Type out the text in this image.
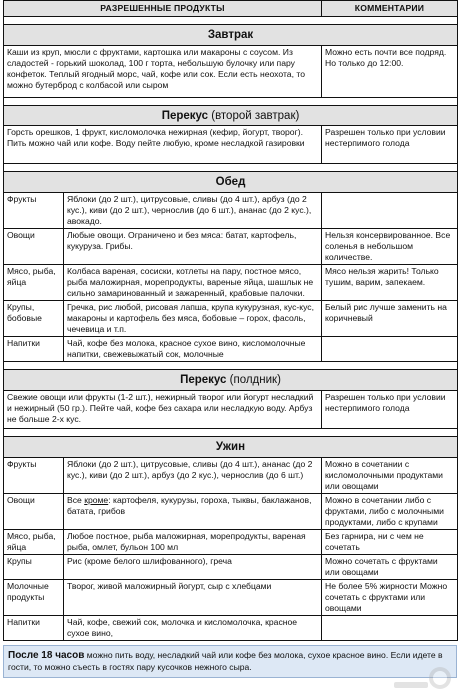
РАЗРЕШЕННЫЕ ПРОДУКТЫ		КОММЕНТАРИИ

Завтрак		
Каши из круп, мюсли с фруктами, картошка или макароны с соусом. Из сладостей - горький шоколад, 100 г торта, небольшую булочку или пару конфеток. Теплый ягодный морс, чай, кофе или сок. Если есть неохота, то можно бутерброд с колбасой или сыром		Можно есть почти все подряд. Но только до 12:00.

Перекус (второй завтрак)		
Горсть орешков, 1 фрукт, кисломолочка нежирная (кефир, йогурт, творог). Пить можно чай или кофе. Воду пейте любую, кроме несладкой газировки		Разрешен только при условии нестерпимого голода

Обед		
Фрукты	Яблоки (до 2 шт.), цитрусовые, сливы (до 4 шт.), арбуз (до 2 кус.), киви (до 2 шт.), чернослив (до 6 шт.), ананас (до 2 кус.), авокадо.	
Овощи	Любые овощи. Ограничено и без мяса: батат, картофель, кукуруза. Грибы.	Нельзя консервированное. Все соленья в небольшом количестве.
Мясо, рыба, яйца	Колбаса вареная, сосиски, котлеты на пару, постное мясо, рыба маложирная, морепродукты, вареные яйца, шашлык не сильно замаринованный и зажаренный, крабовые палочки.	Мясо нельзя жарить! Только тушим, варим, запекаем.
Крупы, бобовые	Гречка, рис любой, рисовая лапша, крупа кукурузная, кус-кус, макароны и картофель без мяса, бобовые – горох, фасоль, чечевица и т.п.	Белый рис лучше заменить на коричневый
Напитки	Чай, кофе без молока, красное сухое вино, кисломолочные напитки, свежевыжатый сок, молочные	

Перекус (полдник)		
Свежие овощи или фрукты (1-2 шт.), нежирный творог или йогурт несладкий и нежирный (50 гр.). Пейте чай, кофе без сахара или несладкую воду. Арбуз не больше 2-х кус.		Разрешен только при условии нестерпимого голода

Ужин		
Фрукты	Яблоки (до 2 шт.), цитрусовые, сливы (до 4 шт.), ананас (до 2 кус.), киви (до 2 шт.), арбуз (до 2 кус.), чернослив (до 6 шт.)	Можно в сочетании с кисломолочными продуктами или овощами
Овощи	Все кроме: картофеля, кукурузы, гороха, тыквы, баклажанов, батата, грибов	Можно в сочетании либо с фруктами, либо с молочными продуктами, либо с крупами
Мясо, рыба, яйца	Любое постное, рыба маложирная, морепродукты, вареная рыба, омлет, бульон 100 мл	Без гарнира, ни с чем не сочетать
Крупы	Рис (кроме белого шлифованного), греча	Можно сочетать с фруктами или овощами
Молочные продукты	Творог, живой маложирный йогурт, сыр с хлебцами	Не более 5% жирности Можно сочетать с фруктами или овощами
Напитки	Чай, кофе, свежий сок, молочка и кисломолочка, красное сухое вино,	
После 18 часов можно пить воду, несладкий чай или кофе без молока, сухое красное вино. Если идете в гости, то можно съесть в гостях пару кусочков нежного сыра.
